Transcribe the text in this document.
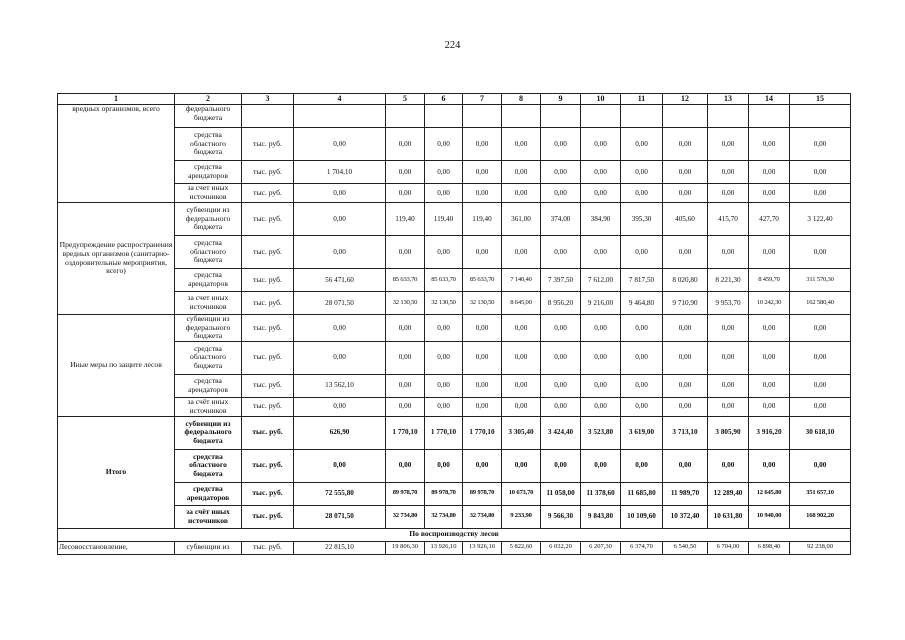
224
1	2	3	4	5	6	7	8	9	10	11	12	13	14	15
вредных организмов, всего	федерального бюджета													
	средства областного бюджета	тыс. руб.	0,00	0,00	0,00	0,00	0,00	0,00	0,00	0,00	0,00	0,00	0,00	0,00
	средства арендаторов	тыс. руб.	1 704,10	0,00	0,00	0,00	0,00	0,00	0,00	0,00	0,00	0,00	0,00	0,00
	за счет иных источников	тыс. руб.	0,00	0,00	0,00	0,00	0,00	0,00	0,00	0,00	0,00	0,00	0,00	0,00
Предупреждение распространения вредных организмов (санитарно-оздоровительные мероприятия, всего)	субвенции из федерального бюджета	тыс. руб.	0,00	119,40	119,40	119,40	361,00	374,00	384,90	395,30	405,60	415,70	427,70	3 122,40
	средства областного бюджета	тыс. руб.	0,00	0,00	0,00	0,00	0,00	0,00	0,00	0,00	0,00	0,00	0,00	0,00
	средства арендаторов	тыс. руб.	56 471,60	85 633,70	85 633,70	85 633,70	7 140,40	7 397,50	7 612,00	7 817,50	8 020,80	8 221,30	8 459,70	311 570,30
	за счет иных источников	тыс. руб.	28 071,50	32 130,50	32 130,50	32 130,50	8 645,00	8 956,20	9 216,00	9 464,80	9 710,90	9 953,70	10 242,30	162 580,40
Иные меры по защите лесов	субвенции из федерального бюджета	тыс. руб.	0,00	0,00	0,00	0,00	0,00	0,00	0,00	0,00	0,00	0,00	0,00	0,00
	средства областного бюджета	тыс. руб.	0,00	0,00	0,00	0,00	0,00	0,00	0,00	0,00	0,00	0,00	0,00	0,00
	средства арендаторов	тыс. руб.	13 562,10	0,00	0,00	0,00	0,00	0,00	0,00	0,00	0,00	0,00	0,00	0,00
	за счёт иных источников	тыс. руб.	0,00	0,00	0,00	0,00	0,00	0,00	0,00	0,00	0,00	0,00	0,00	0,00
Итого	субвенции из федерального бюджета	тыс. руб.	626,90	1 770,10	1 770,10	1 770,10	3 305,40	3 424,40	3 523,80	3 619,00	3 713,10	3 805,90	3 916,20	30 618,10
	средства областного бюджета	тыс. руб.	0,00	0,00	0,00	0,00	0,00	0,00	0,00	0,00	0,00	0,00	0,00	0,00
	средства арендаторов	тыс. руб.	72 555,80	89 978,70	89 978,70	89 978,70	10 673,70	11 058,00	11 378,60	11 685,80	11 989,70	12 289,40	12 645,80	351 657,10
	за счёт иных источников	тыс. руб.	28 071,50	32 734,80	32 734,80	32 734,80	9 233,90	9 566,30	9 843,80	10 109,60	10 372,40	10 631,80	10 940,00	168 902,20
По воспроизводству лесов														
Лесовосстановление,	субвенции из	тыс. руб.	22 815,10	19 806,30	13 926,10	13 926,10	5 822,60	6 032,20	6 207,30	6 374,70	6 540,50	6 704,00	6 898,40	92 238,00
